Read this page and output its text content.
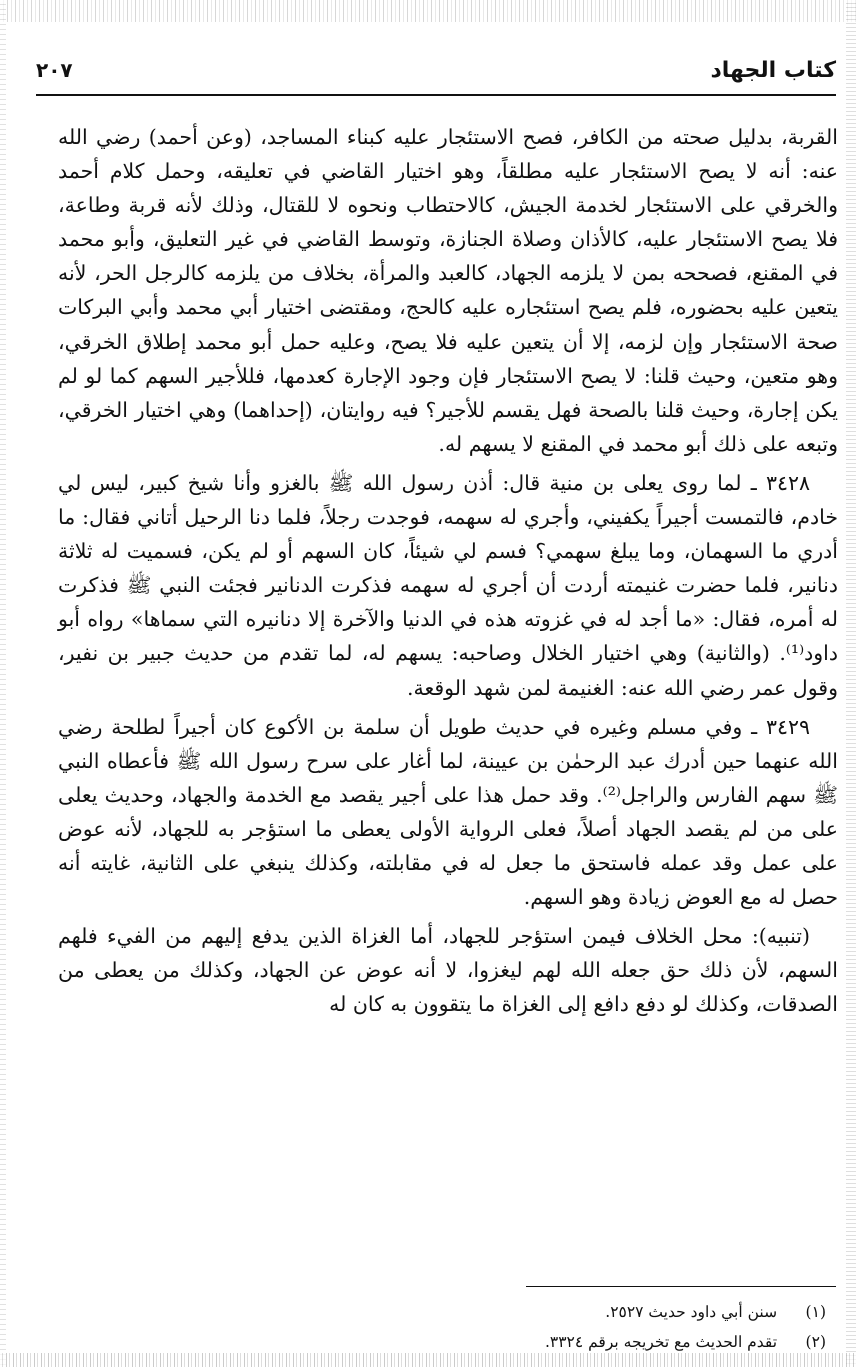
كتاب الجهاد
٢٠٧

القربة، بدليل صحته من الكافر، فصح الاستئجار عليه كبناء المساجد، (وعن أحمد) رضي الله عنه: أنه لا يصح الاستئجار عليه مطلقاً، وهو اختيار القاضي في تعليقه، وحمل كلام أحمد والخرقي على الاستئجار لخدمة الجيش، كالاحتطاب ونحوه لا للقتال، وذلك لأنه قربة وطاعة، فلا يصح الاستئجار عليه، كالأذان وصلاة الجنازة، وتوسط القاضي في غير التعليق، وأبو محمد في المقنع، فصححه بمن لا يلزمه الجهاد، كالعبد والمرأة، بخلاف من يلزمه كالرجل الحر، لأنه يتعين عليه بحضوره، فلم يصح استئجاره عليه كالحج، ومقتضى اختيار أبي محمد وأبي البركات صحة الاستئجار وإن لزمه، إلا أن يتعين عليه فلا يصح، وعليه حمل أبو محمد إطلاق الخرقي، وهو متعين، وحيث قلنا: لا يصح الاستئجار فإن وجود الإجارة كعدمها، فللأجير السهم كما لو لم يكن إجارة، وحيث قلنا بالصحة فهل يقسم للأجير؟ فيه روايتان، (إحداهما) وهي اختيار الخرقي، وتبعه على ذلك أبو محمد في المقنع لا يسهم له.

٣٤٢٨ ـ لما روى يعلى بن منية قال: أذن رسول الله ﷺ بالغزو وأنا شيخ كبير، ليس لي خادم، فالتمست أجيراً يكفيني، وأجري له سهمه، فوجدت رجلاً، فلما دنا الرحيل أتاني فقال: ما أدري ما السهمان، وما يبلغ سهمي؟ فسم لي شيئاً، كان السهم أو لم يكن، فسميت له ثلاثة دنانير، فلما حضرت غنيمته أردت أن أجري له سهمه فذكرت الدنانير فجئت النبي ﷺ فذكرت له أمره، فقال: «ما أجد له في غزوته هذه في الدنيا والآخرة إلا دنانيره التي سماها» رواه أبو داود⁽¹⁾. (والثانية) وهي اختيار الخلال وصاحبه: يسهم له، لما تقدم من حديث جبير بن نفير، وقول عمر رضي الله عنه: الغنيمة لمن شهد الوقعة.

٣٤٢٩ ـ وفي مسلم وغيره في حديث طويل أن سلمة بن الأكوع كان أجيراً لطلحة رضي الله عنهما حين أدرك عبد الرحمٰن بن عيينة، لما أغار على سرح رسول الله ﷺ فأعطاه النبي ﷺ سهم الفارس والراجل⁽²⁾. وقد حمل هذا على أجير يقصد مع الخدمة والجهاد، وحديث يعلى على من لم يقصد الجهاد أصلاً، فعلى الرواية الأولى يعطى ما استؤجر به للجهاد، لأنه عوض على عمل وقد عمله فاستحق ما جعل له في مقابلته، وكذلك ينبغي على الثانية، غايته أنه حصل له مع العوض زيادة وهو السهم.

(تنبيه): محل الخلاف فيمن استؤجر للجهاد، أما الغزاة الذين يدفع إليهم من الفيء فلهم السهم، لأن ذلك حق جعله الله لهم ليغزوا، لا أنه عوض عن الجهاد، وكذلك من يعطى من الصدقات، وكذلك لو دفع دافع إلى الغزاة ما يتقوون به كان له

(١) سنن أبي داود حديث ٢٥٢٧.

(٢) تقدم الحديث مع تخريجه برقم ٣٣٢٤.
